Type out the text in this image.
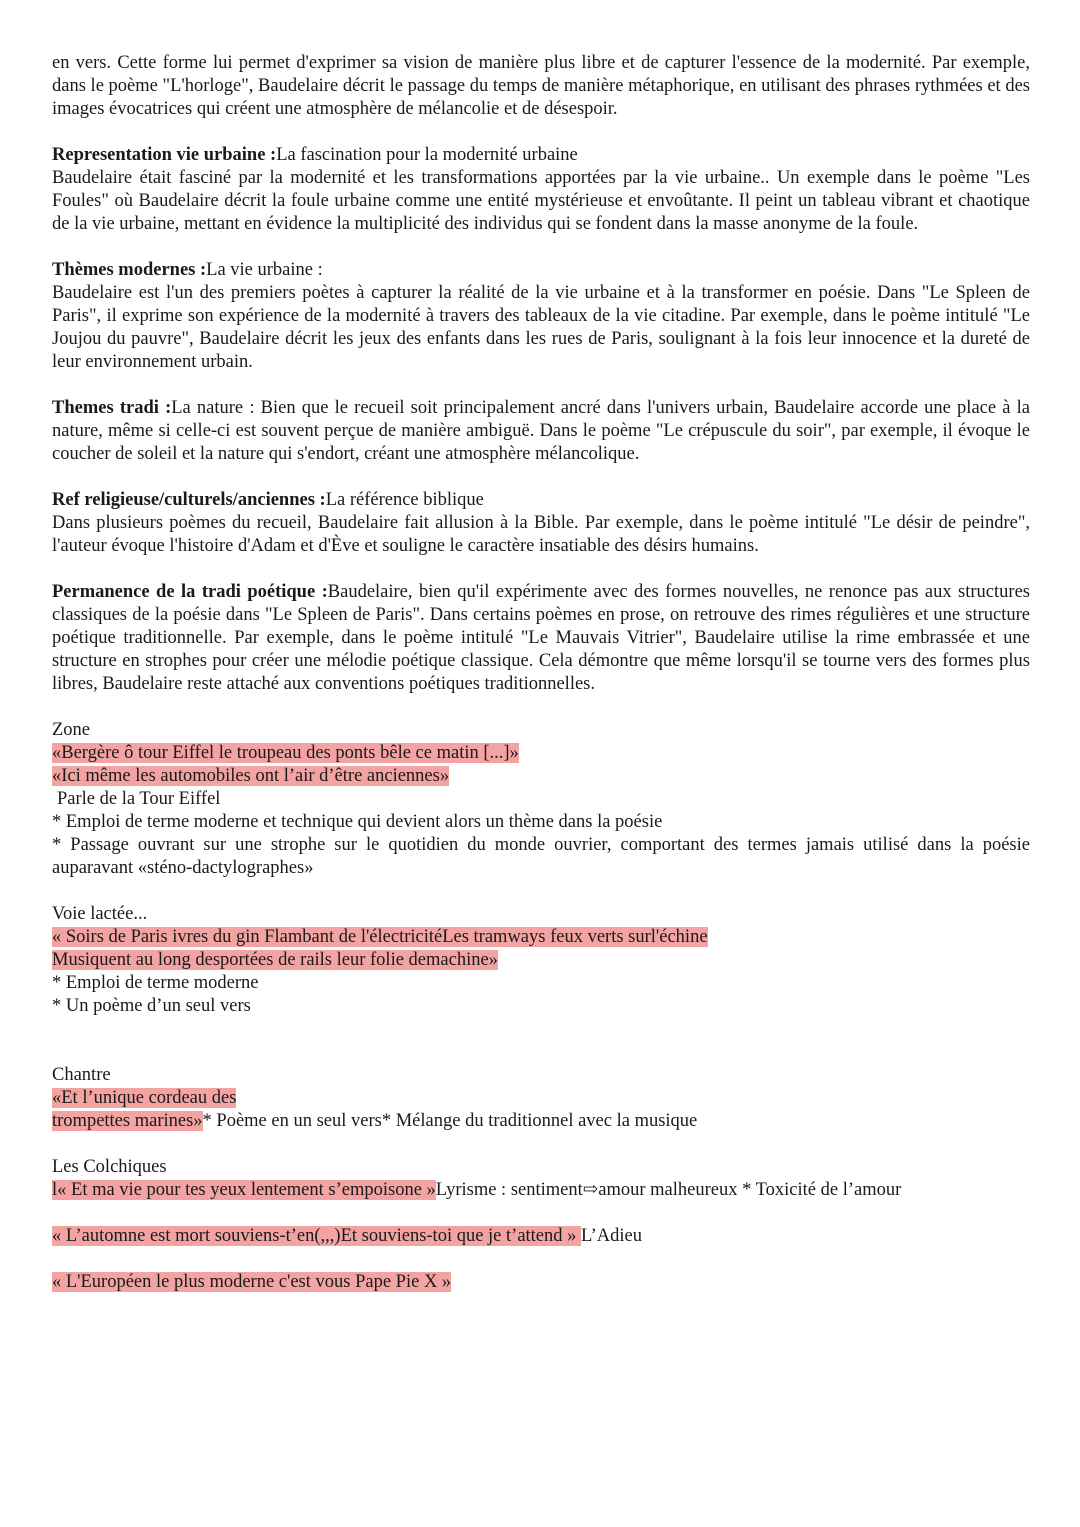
en vers. Cette forme lui permet d'exprimer sa vision de manière plus libre et de capturer l'essence de la modernité. Par exemple, dans le poème "L'horloge", Baudelaire décrit le passage du temps de manière métaphorique, en utilisant des phrases rythmées et des images évocatrices qui créent une atmosphère de mélancolie et de désespoir.

Representation vie urbaine :La fascination pour la modernité urbaine

Baudelaire était fasciné par la modernité et les transformations apportées par la vie urbaine.. Un exemple dans le poème "Les Foules" où Baudelaire décrit la foule urbaine comme une entité mystérieuse et envoûtante. Il peint un tableau vibrant et chaotique de la vie urbaine, mettant en évidence la multiplicité des individus qui se fondent dans la masse anonyme de la foule.

Thèmes modernes :La vie urbaine :

Baudelaire est l'un des premiers poètes à capturer la réalité de la vie urbaine et à la transformer en poésie. Dans "Le Spleen de Paris", il exprime son expérience de la modernité à travers des tableaux de la vie citadine. Par exemple, dans le poème intitulé "Le Joujou du pauvre", Baudelaire décrit les jeux des enfants dans les rues de Paris, soulignant à la fois leur innocence et la dureté de leur environnement urbain.

Themes tradi :La nature : Bien que le recueil soit principalement ancré dans l'univers urbain, Baudelaire accorde une place à la nature, même si celle-ci est souvent perçue de manière ambiguë. Dans le poème "Le crépuscule du soir", par exemple, il évoque le coucher de soleil et la nature qui s'endort, créant une atmosphère mélancolique.

Ref religieuse/culturels/anciennes :La référence biblique

Dans plusieurs poèmes du recueil, Baudelaire fait allusion à la Bible. Par exemple, dans le poème intitulé "Le désir de peindre", l'auteur évoque l'histoire d'Adam et d'Ève et souligne le caractère insatiable des désirs humains.

Permanence de la tradi poétique :Baudelaire, bien qu'il expérimente avec des formes nouvelles, ne renonce pas aux structures classiques de la poésie dans "Le Spleen de Paris". Dans certains poèmes en prose, on retrouve des rimes régulières et une structure poétique traditionnelle. Par exemple, dans le poème intitulé "Le Mauvais Vitrier", Baudelaire utilise la rime embrassée et une structure en strophes pour créer une mélodie poétique classique. Cela démontre que même lorsqu'il se tourne vers des formes plus libres, Baudelaire reste attaché aux conventions poétiques traditionnelles.

Zone

«Bergère ô tour Eiffel le troupeau des ponts bêle ce matin [...]»

«Ici même les automobiles ont l’air d’être anciennes»

Parle de la Tour Eiffel

* Emploi de terme moderne et technique qui devient alors un thème dans la poésie

* Passage ouvrant sur une strophe sur le quotidien du monde ouvrier, comportant des termes jamais utilisé dans la poésie auparavant «sténo-dactylographes»

Voie lactée...

« Soirs de Paris ivres du gin Flambant de l'électricitéLes tramways feux verts surl'échine

Musiquent au long desportées de rails leur folie demachine»

* Emploi de terme moderne

* Un poème d’un seul vers

Chantre

«Et l’unique cordeau des

trompettes marines»* Poème en un seul vers* Mélange du traditionnel avec la musique

Les Colchiques

l« Et ma vie pour tes yeux lentement s’empoisone »Lyrisme : sentiment⇨amour malheureux * Toxicité de l’amour

« L’automne est mort souviens-t’en(,,,)Et souviens-toi que je t’attend » L’Adieu

« L'Européen le plus moderne c'est vous Pape Pie X »
